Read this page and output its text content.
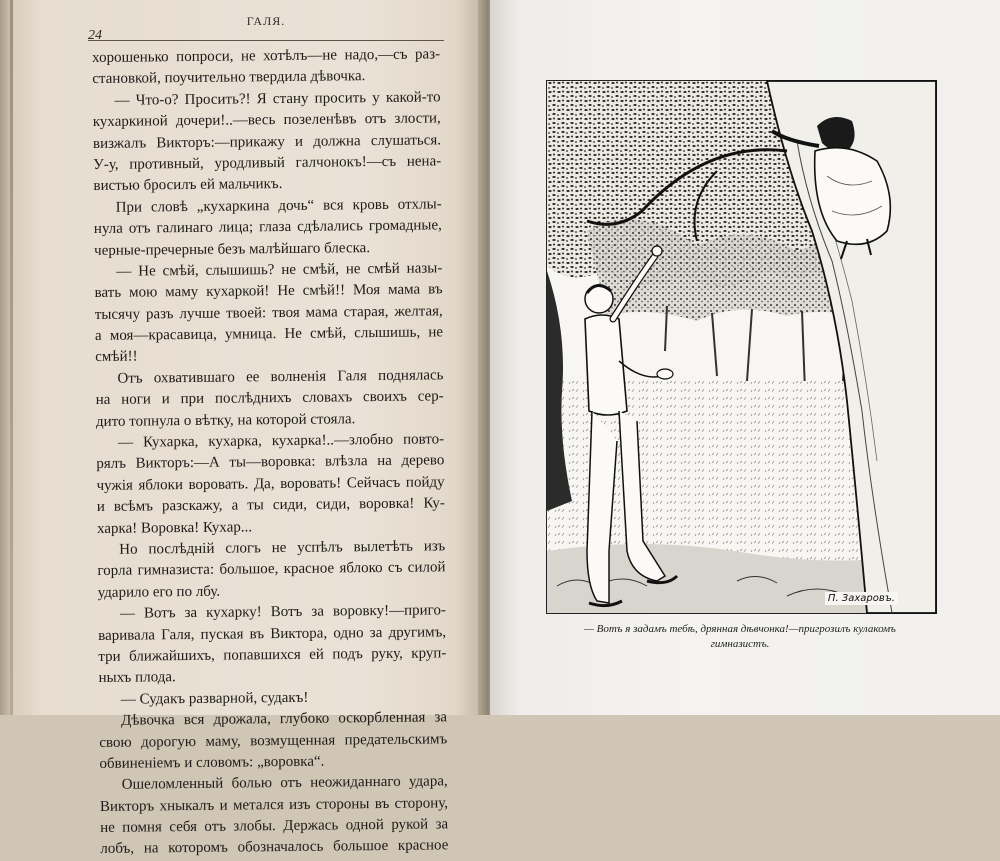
24
ГАЛЯ.
хорошенько попроси, не хотѣлъ—не надо,—съ раз-
становкой, поучительно твердила дѣвочка.
— Что-о? Просить?! Я стану просить у какой-то
кухаркиной дочери!..—весь позеленѣвъ отъ злости,
визжалъ Викторъ:—прикажу и должна слушаться.
У-у, противный, уродливый галчонокъ!—съ нена-
вистью бросилъ ей мальчикъ.
При словѣ „кухаркина дочь“ вся кровь отхлы-
нула отъ галинаго лица; глаза сдѣлались громадные,
черные-пречерные безъ малѣйшаго блеска.
— Не смѣй, слышишь? не смѣй, не смѣй назы-
вать мою маму кухаркой! Не смѣй!! Моя мама въ
тысячу разъ лучше твоей: твоя мама старая, желтая,
а моя—красавица, умница. Не смѣй, слышишь, не
смѣй!!
Отъ охватившаго ее волненія Галя поднялась
на ноги и при послѣднихъ словахъ своихъ сер-
дито топнула о вѣтку, на которой стояла.
— Кухарка, кухарка, кухарка!..—злобно повто-
рялъ Викторъ:—А ты—воровка: влѣзла на дерево
чужія яблоки воровать. Да, воровать! Сейчасъ пойду
и всѣмъ разскажу, а ты сиди, сиди, воровка! Ку-
харка! Воровка! Кухар...
Но послѣдній слогъ не успѣлъ вылетѣть изъ
горла гимназиста: большое, красное яблоко съ силой
ударило его по лбу.
— Вотъ за кухарку! Вотъ за воровку!—приго-
варивала Галя, пуская въ Виктора, одно за другимъ,
три ближайшихъ, попавшихся ей подъ руку, круп-
ныхъ плода.
— Судакъ разварной, судакъ!
Дѣвочка вся дрожала, глубоко оскорбленная за
свою дорогую маму, возмущенная предательскимъ
обвиненіемъ и словомъ: „воровка“.
Ошеломленный болью отъ неожиданнаго удара,
Викторъ хныкалъ и метался изъ стороны въ сторону,
не помня себя отъ злобы. Держась одной рукой за
лобъ, на которомъ обозначалось большое красное
П. Захаровъ.
— Вотъ я задамъ тебѣ, дрянная дѣвчонка!—пригрозилъ кулакомъ
гимназистъ.
